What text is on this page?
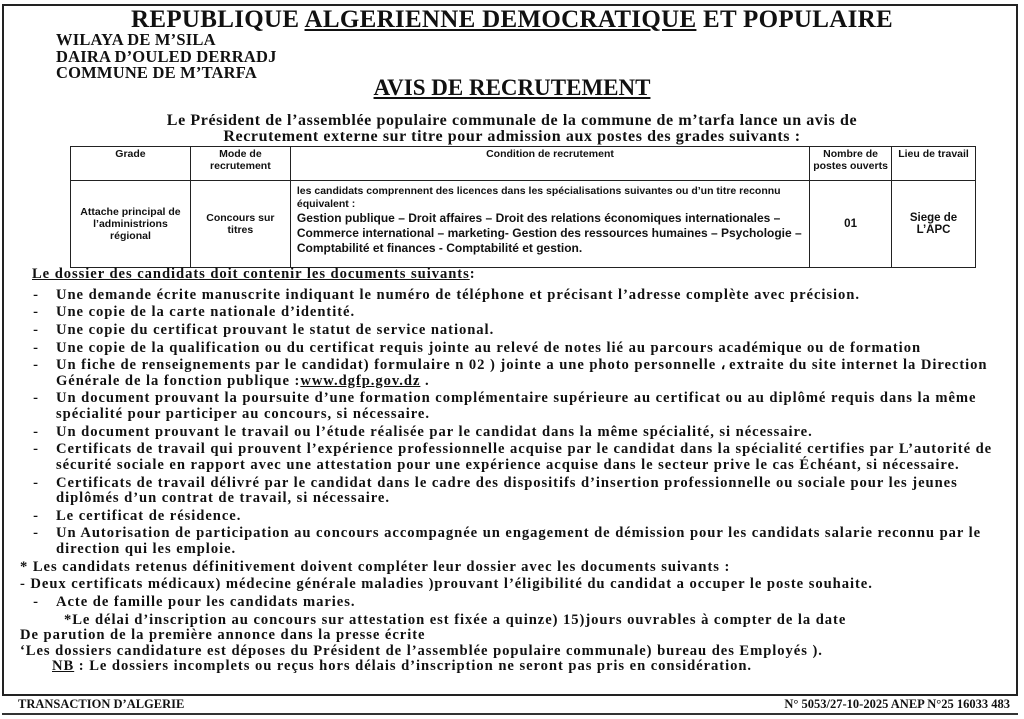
REPUBLIQUE ALGERIENNE DEMOCRATIQUE ET POPULAIRE
WILAYA DE M’SILA
DAIRA D’OULED DERRADJ
COMMUNE DE M’TARFA
AVIS DE RECRUTEMENT
Le Président de l’assemblée populaire communale de la commune de m’tarfa lance un avis de
Recrutement externe sur titre pour admission aux postes des grades suivants :
Grade	Mode de recrutement	Condition de recrutement	Nombre de postes ouverts	Lieu de travail
Attache principal de l’administrions régional	Concours sur titres	les candidats comprennent des licences dans les spécialisations suivantes ou d’un titre reconnu équivalent :
Gestion publique – Droit affaires – Droit des relations économiques internationales – Commerce international – marketing- Gestion des ressources humaines – Psychologie – Comptabilité et finances - Comptabilité et gestion.	01	Siege de L’APC
Le dossier des candidats doit contenir les documents suivants:
-	Une demande écrite manuscrite indiquant le numéro de téléphone et précisant l’adresse complète avec précision.
-	Une copie de la carte nationale d’identité.
-	Une copie du certificat prouvant le statut de service national.
-	Une copie de la qualification ou du certificat requis jointe au relevé de notes lié au parcours académique ou de formation
-	Un fiche de renseignements par le candidat) formulaire n 02 ) jointe a une photo personnelle ، extraite du site internet la Direction Générale de la fonction publique :www.dgfp.gov.dz .
-	Un document prouvant la poursuite d’une formation complémentaire supérieure au certificat ou au diplômé requis dans la même spécialité pour participer au concours, si nécessaire.
-	Un document prouvant le travail ou l’étude réalisée par le candidat dans la même spécialité, si nécessaire.
-	Certificats de travail qui prouvent l’expérience professionnelle acquise par le candidat dans la spécialité certifies par L’autorité de sécurité sociale en rapport avec une attestation pour une expérience acquise dans le secteur prive le cas Échéant, si nécessaire.
-	Certificats de travail délivré par le candidat dans le cadre des dispositifs d’insertion professionnelle ou sociale pour les jeunes diplômés d’un contrat de travail, si nécessaire.
-	Le certificat de résidence.
-	Un Autorisation de participation au concours accompagnée un engagement de démission pour les candidats salarie reconnu par le direction qui les emploie.
* Les candidats retenus définitivement doivent compléter leur dossier avec les documents suivants :
- Deux certificats médicaux) médecine générale maladies )prouvant l’éligibilité du candidat a occuper le poste souhaite.
-	Acte de famille pour les candidats maries.
*Le délai d’inscription au concours sur attestation est fixée a quinze) 15)jours ouvrables à compter de la date
De parution de la première annonce dans la presse écrite
‘Les dossiers candidature est déposes du Président de l’assemblée populaire communale) bureau des Employés ).
NB : Le dossiers incomplets ou reçus hors délais d’inscription ne seront pas pris en considération.
TRANSACTION D’ALGERIE	N° 5053/27-10-2025 ANEP N°25 16033 483
